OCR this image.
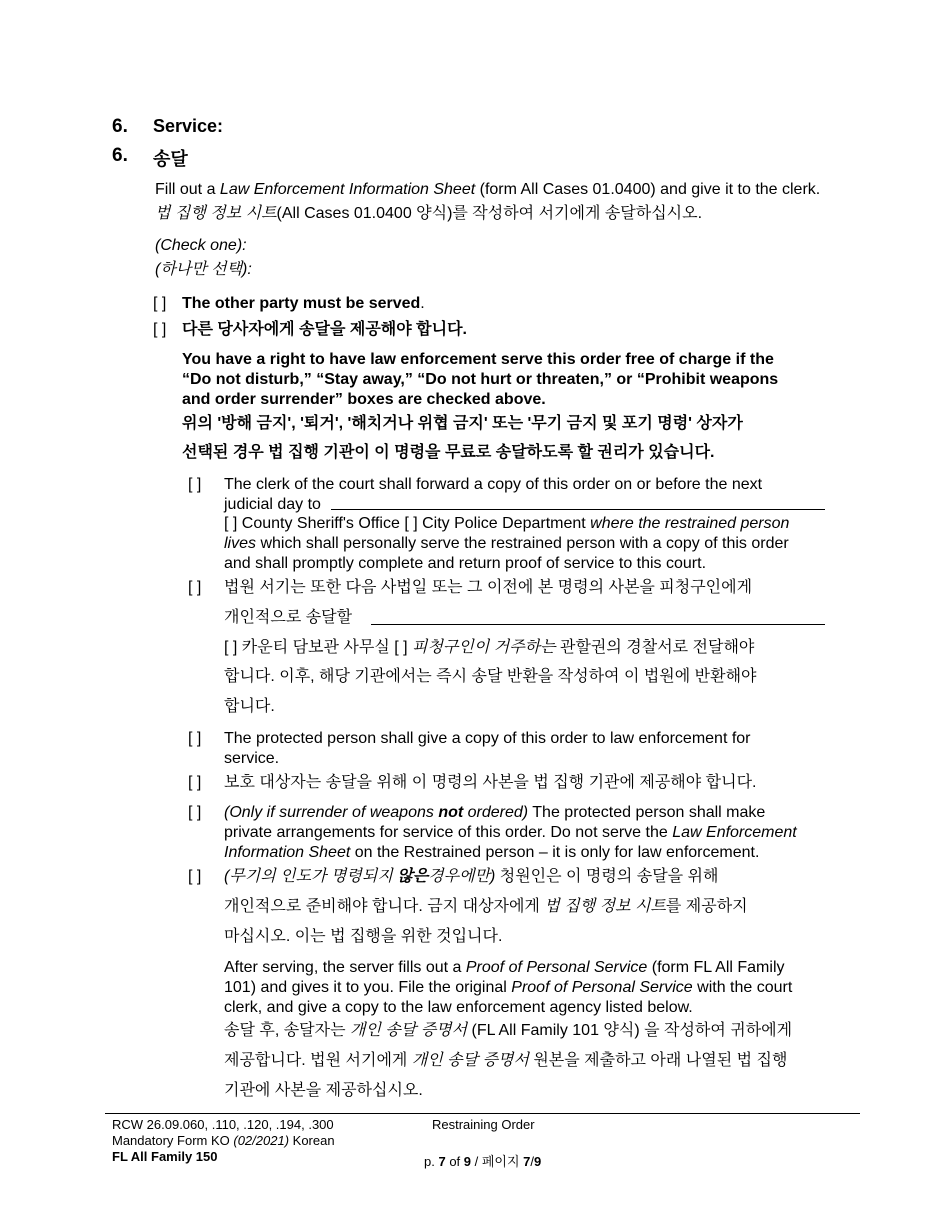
6. Service:
6. 송달
Fill out a Law Enforcement Information Sheet (form All Cases 01.0400) and give it to the clerk.
법 집행 정보 시트(All Cases 01.0400 양식)를 작성하여 서기에게 송달하십시오.
(Check one):
(하나만 선택):
[ ] The other party must be served.
[ ] 다른 당사자에게 송달을 제공해야 합니다.
You have a right to have law enforcement serve this order free of charge if the
“Do not disturb,” “Stay away,” “Do not hurt or threaten,” or “Prohibit weapons
and order surrender” boxes are checked above.
위의 '방해 금지', '퇴거', '해치거나 위협 금지' 또는 '무기 금지 및 포기 명령' 상자가
선택된 경우 법 집행 기관이 이 명령을 무료로 송달하도록 할 권리가 있습니다.
[ ] The clerk of the court shall forward a copy of this order on or before the next
judicial day to
[ ] County Sheriff's Office [ ] City Police Department where the restrained person
lives which shall personally serve the restrained person with a copy of this order
and shall promptly complete and return proof of service to this court.
[ ] 법원 서기는 또한 다음 사법일 또는 그 이전에 본 명령의 사본을 피청구인에게
개인적으로 송달할
[ ] 카운티 담보관 사무실 [ ] 피청구인이 거주하는 관할권의 경찰서로 전달해야
합니다. 이후, 해당 기관에서는 즉시 송달 반환을 작성하여 이 법원에 반환해야
합니다.
[ ] The protected person shall give a copy of this order to law enforcement for
service.
[ ] 보호 대상자는 송달을 위해 이 명령의 사본을 법 집행 기관에 제공해야 합니다.
[ ] (Only if surrender of weapons not ordered) The protected person shall make
private arrangements for service of this order. Do not serve the Law Enforcement
Information Sheet on the Restrained person – it is only for law enforcement.
[ ] (무기의 인도가 명령되지 않은경우에만) 청원인은 이 명령의 송달을 위해
개인적으로 준비해야 합니다. 금지 대상자에게 법 집행 정보 시트를 제공하지
마십시오. 이는 법 집행을 위한 것입니다.
After serving, the server fills out a Proof of Personal Service (form FL All Family
101) and gives it to you. File the original Proof of Personal Service with the court
clerk, and give a copy to the law enforcement agency listed below.
송달 후, 송달자는 개인 송달 증명서 (FL All Family 101 양식) 을 작성하여 귀하에게
제공합니다. 법원 서기에게 개인 송달 증명서 원본을 제출하고 아래 나열된 법 집행
기관에 사본을 제공하십시오.
RCW 26.09.060, .110, .120, .194, .300
Mandatory Form KO (02/2021) Korean
FL All Family 150
Restraining Order
p. 7 of 9 / 페이지 7/9
